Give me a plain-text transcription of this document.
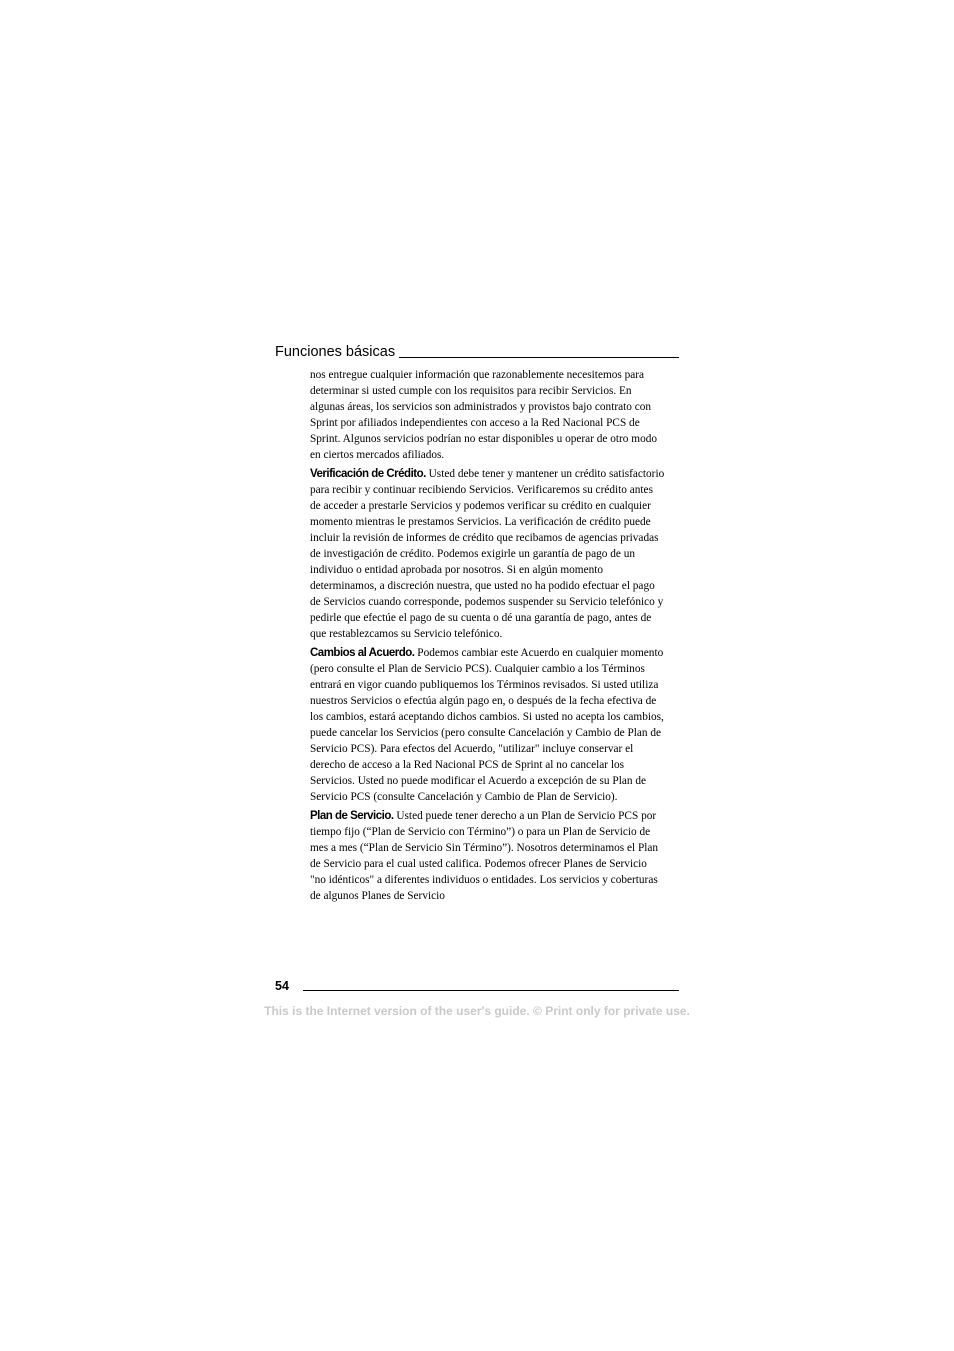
Funciones básicas

nos entregue cualquier información que razonablemente necesitemos para determinar si usted cumple con los requisitos para recibir Servicios. En algunas áreas, los servicios son administrados y provistos bajo contrato con Sprint por afiliados independientes con acceso a la Red Nacional PCS de Sprint. Algunos servicios podrían no estar disponibles u operar de otro modo en ciertos mercados afiliados.

Verificación de Crédito. Usted debe tener y mantener un crédito satisfactorio para recibir y continuar recibiendo Servicios. Verificaremos su crédito antes de acceder a prestarle Servicios y podemos verificar su crédito en cualquier momento mientras le prestamos Servicios. La verificación de crédito puede incluir la revisión de informes de crédito que recibamos de agencias privadas de investigación de crédito. Podemos exigirle un garantía de pago de un individuo o entidad aprobada por nosotros. Si en algún momento determinamos, a discreción nuestra, que usted no ha podido efectuar el pago de Servicios cuando corresponde, podemos suspender su Servicio telefónico y pedirle que efectúe el pago de su cuenta o dé una garantía de pago, antes de que restablezcamos su Servicio telefónico.

Cambios al Acuerdo. Podemos cambiar este Acuerdo en cualquier momento (pero consulte el Plan de Servicio PCS). Cualquier cambio a los Términos entrará en vigor cuando publiquemos los Términos revisados. Si usted utiliza nuestros Servicios o efectúa algún pago en, o después de la fecha efectiva de los cambios, estará aceptando dichos cambios. Si usted no acepta los cambios, puede cancelar los Servicios (pero consulte Cancelación y Cambio de Plan de Servicio PCS). Para efectos del Acuerdo, "utilizar" incluye conservar el derecho de acceso a la Red Nacional PCS de Sprint al no cancelar los Servicios. Usted no puede modificar el Acuerdo a excepción de su Plan de Servicio PCS (consulte Cancelación y Cambio de Plan de Servicio).

Plan de Servicio. Usted puede tener derecho a un Plan de Servicio PCS por tiempo fijo (“Plan de Servicio con Término”) o para un Plan de Servicio de mes a mes (“Plan de Servicio Sin Término”). Nosotros determinamos el Plan de Servicio para el cual usted califica. Podemos ofrecer Planes de Servicio "no idénticos" a diferentes individuos o entidades. Los servicios y coberturas de algunos Planes de Servicio

54
This is the Internet version of the user's guide. © Print only for private use.
